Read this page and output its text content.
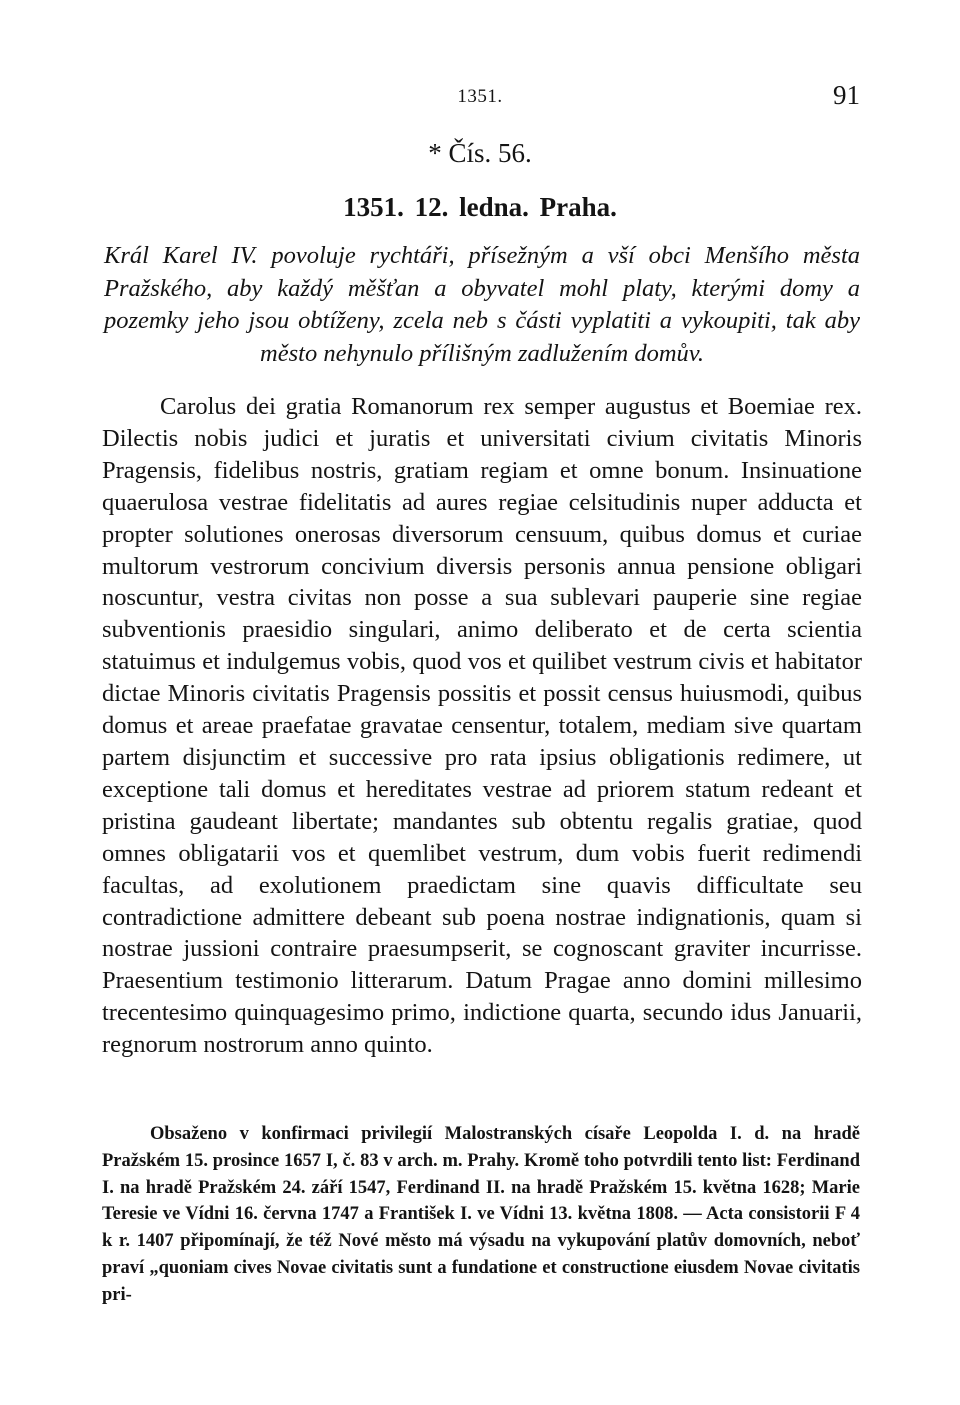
1351.	91
* Čís. 56.
1351. 12. ledna. Praha.
Král Karel IV. povoluje rychtáři, přísežným a vší obci Menšího města Pražského, aby každý měšťan a obyvatel mohl platy, kterými domy a pozemky jeho jsou obtíženy, zcela neb s části vyplatiti a vykoupiti, tak aby město nehynulo přílišným zadlužením domův.

Carolus dei gratia Romanorum rex semper augustus et Boemiae rex. Dilectis nobis judici et juratis et universitati civium civitatis Minoris Pragensis, fidelibus nostris, gratiam regiam et omne bonum. Insinuatione quaerulosa vestrae fidelitatis ad aures regiae celsitudinis nuper adducta et propter solutiones onerosas diversorum censuum, quibus domus et curiae multorum vestrorum concivium diversis personis annua pensione obligari noscuntur, vestra civitas non posse a sua sublevari pauperie sine regiae subventionis praesidio singulari, animo deliberato et de certa scientia statuimus et indulgemus vobis, quod vos et quilibet vestrum civis et habitator dictae Minoris civitatis Pragensis possitis et possit census huiusmodi, quibus domus et areae praefatae gravatae censentur, totalem, mediam sive quartam partem disjunctim et successive pro rata ipsius obligationis redimere, ut exceptione tali domus et hereditates vestrae ad priorem statum redeant et pristina gaudeant libertate; mandantes sub obtentu regalis gratiae, quod omnes obligatarii vos et quemlibet vestrum, dum vobis fuerit redimendi facultas, ad exolutionem praedictam sine quavis difficultate seu contradictione admittere debeant sub poena nostrae indignationis, quam si nostrae jussioni contraire praesumpserit, se cognoscant graviter incurrisse. Praesentium testimonio litterarum. Datum Pragae anno domini millesimo trecentesimo quinquagesimo primo, indictione quarta, secundo idus Januarii, regnorum nostrorum anno quinto.

Obsaženo v konfirmaci privilegií Malostranských císaře Leopolda I. d. na hradě Pražském 15. prosince 1657 I, č. 83 v arch. m. Prahy. Kromě toho potvrdili tento list: Ferdinand I. na hradě Pražském 24. září 1547, Ferdinand II. na hradě Pražském 15. května 1628; Marie Teresie ve Vídni 16. června 1747 a František I. ve Vídni 13. května 1808. — Acta consistorii F 4 k r. 1407 připomínají, že též Nové město má výsadu na vykupování platův domovních, neboť praví „quoniam cives Novae civitatis sunt a fundatione et constructione eiusdem Novae civitatis pri-
